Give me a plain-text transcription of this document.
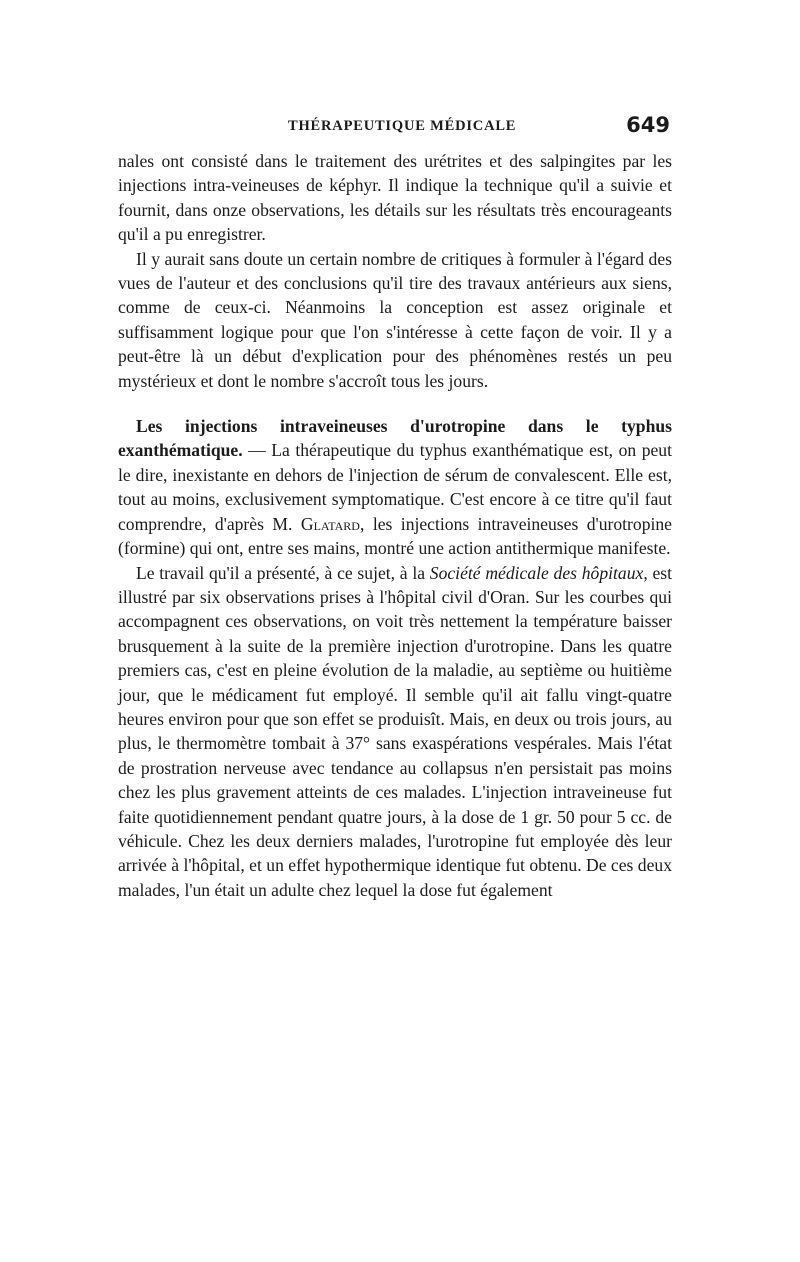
THÉRAPEUTIQUE MÉDICALE	649

nales ont consisté dans le traitement des urétrites et des salpingites par les injections intra-veineuses de képhyr. Il indique la technique qu'il a suivie et fournit, dans onze observations, les détails sur les résultats très encourageants qu'il a pu enregistrer.

Il y aurait sans doute un certain nombre de critiques à formuler à l'égard des vues de l'auteur et des conclusions qu'il tire des travaux antérieurs aux siens, comme de ceux-ci. Néanmoins la conception est assez originale et suffisamment logique pour que l'on s'intéresse à cette façon de voir. Il y a peut-être là un début d'explication pour des phénomènes restés un peu mystérieux et dont le nombre s'accroît tous les jours.

Les injections intraveineuses d'urotropine dans le typhus exanthématique. — La thérapeutique du typhus exanthématique est, on peut le dire, inexistante en dehors de l'injection de sérum de convalescent. Elle est, tout au moins, exclusivement symptomatique. C'est encore à ce titre qu'il faut comprendre, d'après M. Glatard, les injections intraveineuses d'urotropine (formine) qui ont, entre ses mains, montré une action antithermique manifeste.

Le travail qu'il a présenté, à ce sujet, à la Société médicale des hôpitaux, est illustré par six observations prises à l'hôpital civil d'Oran. Sur les courbes qui accompagnent ces observations, on voit très nettement la température baisser brusquement à la suite de la première injection d'urotropine. Dans les quatre premiers cas, c'est en pleine évolution de la maladie, au septième ou huitième jour, que le médicament fut employé. Il semble qu'il ait fallu vingt-quatre heures environ pour que son effet se produisît. Mais, en deux ou trois jours, au plus, le thermomètre tombait à 37° sans exaspérations vespérales. Mais l'état de prostration nerveuse avec tendance au collapsus n'en persistait pas moins chez les plus gravement atteints de ces malades. L'injection intraveineuse fut faite quotidiennement pendant quatre jours, à la dose de 1 gr. 50 pour 5 cc. de véhicule. Chez les deux derniers malades, l'urotropine fut employée dès leur arrivée à l'hôpital, et un effet hypothermique identique fut obtenu. De ces deux malades, l'un était un adulte chez lequel la dose fut également
